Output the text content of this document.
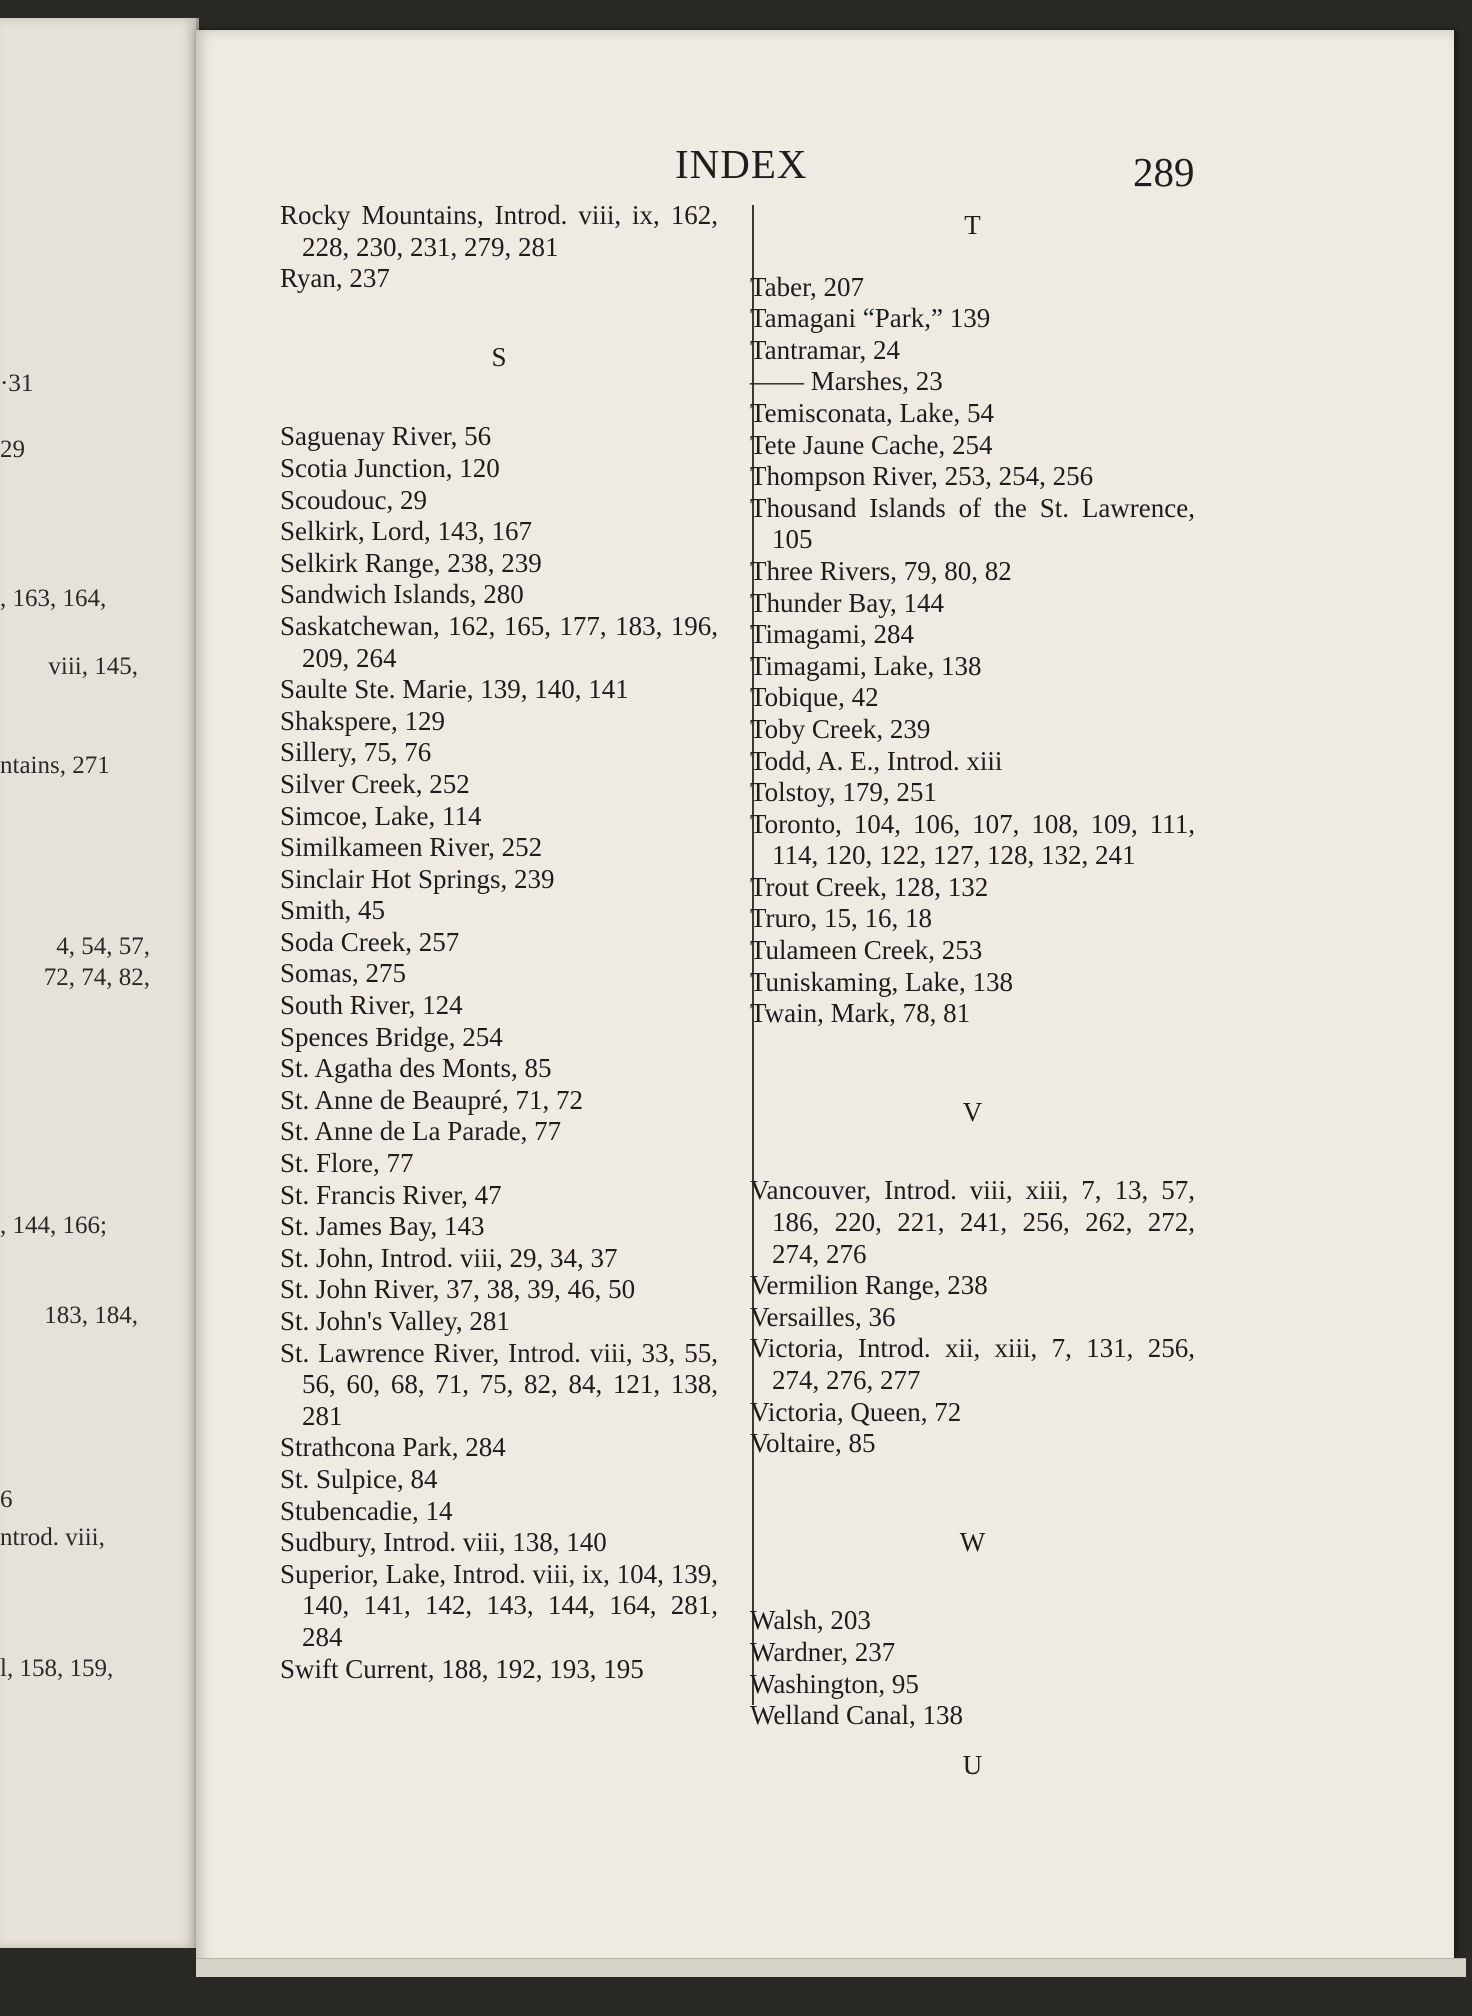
·31
29
, 163, 164,
viii, 145,
ntains, 271
4, 54, 57,
72, 74, 82,
, 144, 166;
183, 184,
6
ntrod. viii,
l, 158, 159,
INDEX	289

Rocky Mountains, Introd. viii, ix, 162, 228, 230, 231, 279, 281

Ryan, 237

S

Saguenay River, 56

Scotia Junction, 120

Scoudouc, 29

Selkirk, Lord, 143, 167

Selkirk Range, 238, 239

Sandwich Islands, 280

Saskatchewan, 162, 165, 177, 183, 196, 209, 264

Saulte Ste. Marie, 139, 140, 141

Shakspere, 129

Sillery, 75, 76

Silver Creek, 252

Simcoe, Lake, 114

Similkameen River, 252

Sinclair Hot Springs, 239

Smith, 45

Soda Creek, 257

Somas, 275

South River, 124

Spences Bridge, 254

St. Agatha des Monts, 85

St. Anne de Beaupré, 71, 72

St. Anne de La Parade, 77

St. Flore, 77

St. Francis River, 47

St. James Bay, 143

St. John, Introd. viii, 29, 34, 37

St. John River, 37, 38, 39, 46, 50

St. John's Valley, 281

St. Lawrence River, Introd. viii, 33, 55, 56, 60, 68, 71, 75, 82, 84, 121, 138, 281

Strathcona Park, 284

St. Sulpice, 84

Stubencadie, 14

Sudbury, Introd. viii, 138, 140

Superior, Lake, Introd. viii, ix, 104, 139, 140, 141, 142, 143, 144, 164, 281, 284

Swift Current, 188, 192, 193, 195

T

Taber, 207

Tamagani “Park,” 139

Tantramar, 24

—— Marshes, 23

Temisconata, Lake, 54

Tete Jaune Cache, 254

Thompson River, 253, 254, 256

Thousand Islands of the St. Lawrence, 105

Three Rivers, 79, 80, 82

Thunder Bay, 144

Timagami, 284

Timagami, Lake, 138

Tobique, 42

Toby Creek, 239

Todd, A. E., Introd. xiii

Tolstoy, 179, 251

Toronto, 104, 106, 107, 108, 109, 111, 114, 120, 122, 127, 128, 132, 241

Trout Creek, 128, 132

Truro, 15, 16, 18

Tulameen Creek, 253

Tuniskaming, Lake, 138

Twain, Mark, 78, 81

V

Vancouver, Introd. viii, xiii, 7, 13, 57, 186, 220, 221, 241, 256, 262, 272, 274, 276

Vermilion Range, 238

Versailles, 36

Victoria, Introd. xii, xiii, 7, 131, 256, 274, 276, 277

Victoria, Queen, 72

Voltaire, 85

W

Walsh, 203

Wardner, 237

Washington, 95

Welland Canal, 138

U
